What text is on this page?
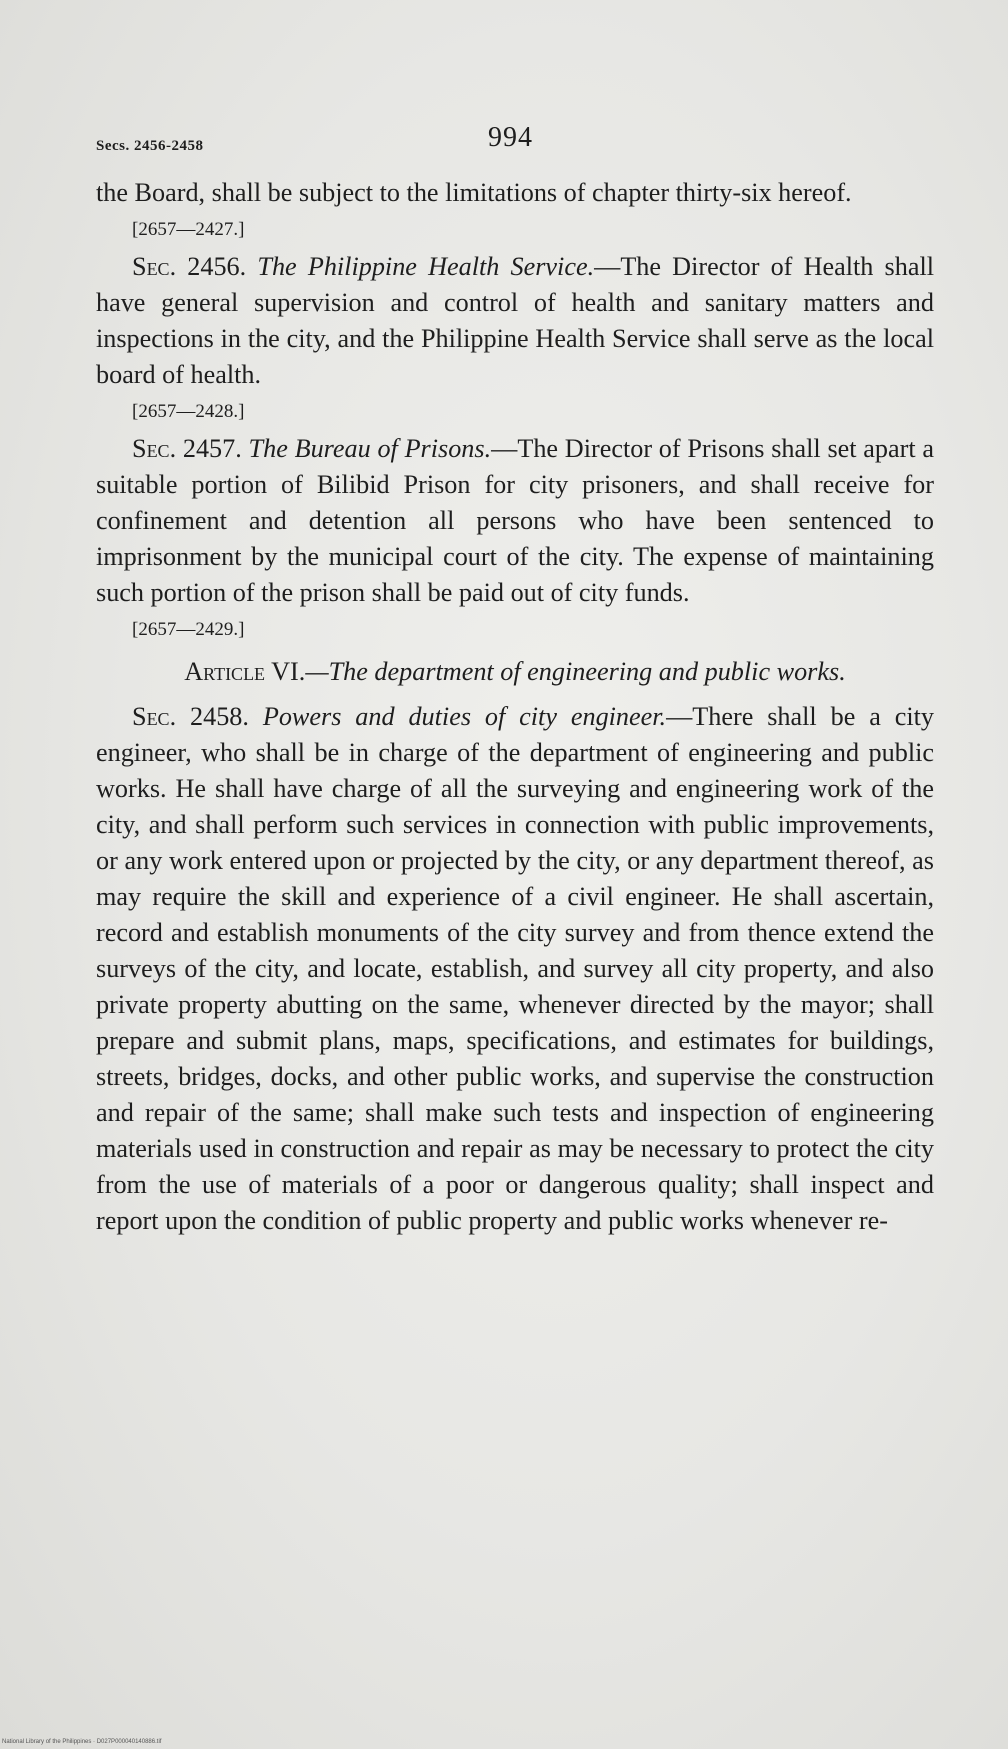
Secs. 2456-2458	994

the Board, shall be subject to the limitations of chapter thirty-six hereof.

[2657—2427.]

Sec. 2456. The Philippine Health Service.—The Director of Health shall have general supervision and control of health and sanitary matters and inspections in the city, and the Philippine Health Service shall serve as the local board of health.

[2657—2428.]

Sec. 2457. The Bureau of Prisons.—The Director of Prisons shall set apart a suitable portion of Bilibid Prison for city prisoners, and shall receive for confinement and detention all persons who have been sentenced to imprisonment by the municipal court of the city. The expense of maintaining such portion of the prison shall be paid out of city funds.

[2657—2429.]

Article VI.—The department of engineering and public works.

Sec. 2458. Powers and duties of city engineer.—There shall be a city engineer, who shall be in charge of the department of engineering and public works. He shall have charge of all the surveying and engineering work of the city, and shall perform such services in connection with public improvements, or any work entered upon or projected by the city, or any department thereof, as may require the skill and experience of a civil engineer. He shall ascertain, record and establish monuments of the city survey and from thence extend the surveys of the city, and locate, establish, and survey all city property, and also private property abutting on the same, whenever directed by the mayor; shall prepare and submit plans, maps, specifications, and estimates for buildings, streets, bridges, docks, and other public works, and supervise the construction and repair of the same; shall make such tests and inspection of engineering materials used in construction and repair as may be necessary to protect the city from the use of materials of a poor or dangerous quality; shall inspect and report upon the condition of public property and public works whenever re-

National Library of the Philippines · D027P000040140886.tif
